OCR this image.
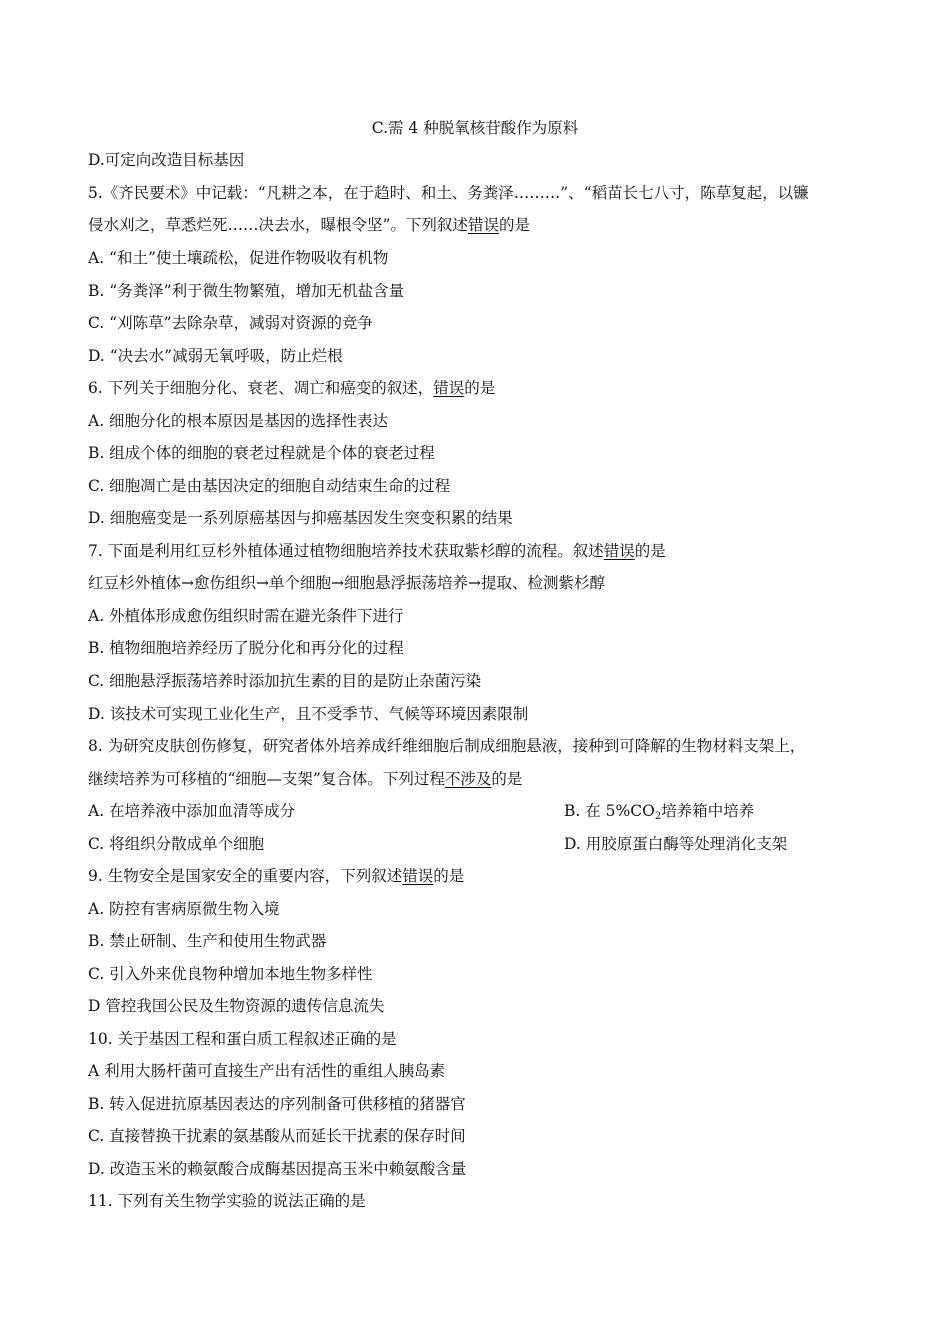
C.需 4 种脱氧核苷酸作为原料
D.可定向改造目标基因
5.《齐民要术》中记载：“凡耕之本，在于趋时、和土、务粪泽………”、“稻苗长七八寸，陈草复起，以镰
侵水刈之，草悉烂死……决去水，曝根令坚”。下列叙述错误的是
A. “和土”使土壤疏松，促进作物吸收有机物
B. “务粪泽”利于微生物繁殖，增加无机盐含量
C. “刈陈草”去除杂草，减弱对资源的竞争
D. “决去水”减弱无氧呼吸，防止烂根
6. 下列关于细胞分化、衰老、凋亡和癌变的叙述，错误的是
A. 细胞分化的根本原因是基因的选择性表达
B. 组成个体的细胞的衰老过程就是个体的衰老过程
C. 细胞凋亡是由基因决定的细胞自动结束生命的过程
D. 细胞癌变是一系列原癌基因与抑癌基因发生突变积累的结果
7. 下面是利用红豆杉外植体通过植物细胞培养技术获取紫杉醇的流程。叙述错误的是
红豆杉外植体→愈伤组织→单个细胞→细胞悬浮振荡培养→提取、检测紫杉醇
A. 外植体形成愈伤组织时需在避光条件下进行
B. 植物细胞培养经历了脱分化和再分化的过程
C. 细胞悬浮振荡培养时添加抗生素的目的是防止杂菌污染
D. 该技术可实现工业化生产，且不受季节、气候等环境因素限制
8. 为研究皮肤创伤修复，研究者体外培养成纤维细胞后制成细胞悬液，接种到可降解的生物材料支架上，
继续培养为可移植的“细胞—支架”复合体。下列过程不涉及的是
A. 在培养液中添加血清等成分	B. 在 $5\%CO_2$培养箱中培养
C. 将组织分散成单个细胞	D. 用胶原蛋白酶等处理消化支架
9. 生物安全是国家安全的重要内容，下列叙述错误的是
A. 防控有害病原微生物入境
B. 禁止研制、生产和使用生物武器
C. 引入外来优良物种增加本地生物多样性
D 管控我国公民及生物资源的遗传信息流失
10. 关于基因工程和蛋白质工程叙述正确的是
A 利用大肠杆菌可直接生产出有活性的重组人胰岛素
B. 转入促进抗原基因表达的序列制备可供移植的猪器官
C. 直接替换干扰素的氨基酸从而延长干扰素的保存时间
D. 改造玉米的赖氨酸合成酶基因提高玉米中赖氨酸含量
11. 下列有关生物学实验的说法正确的是
